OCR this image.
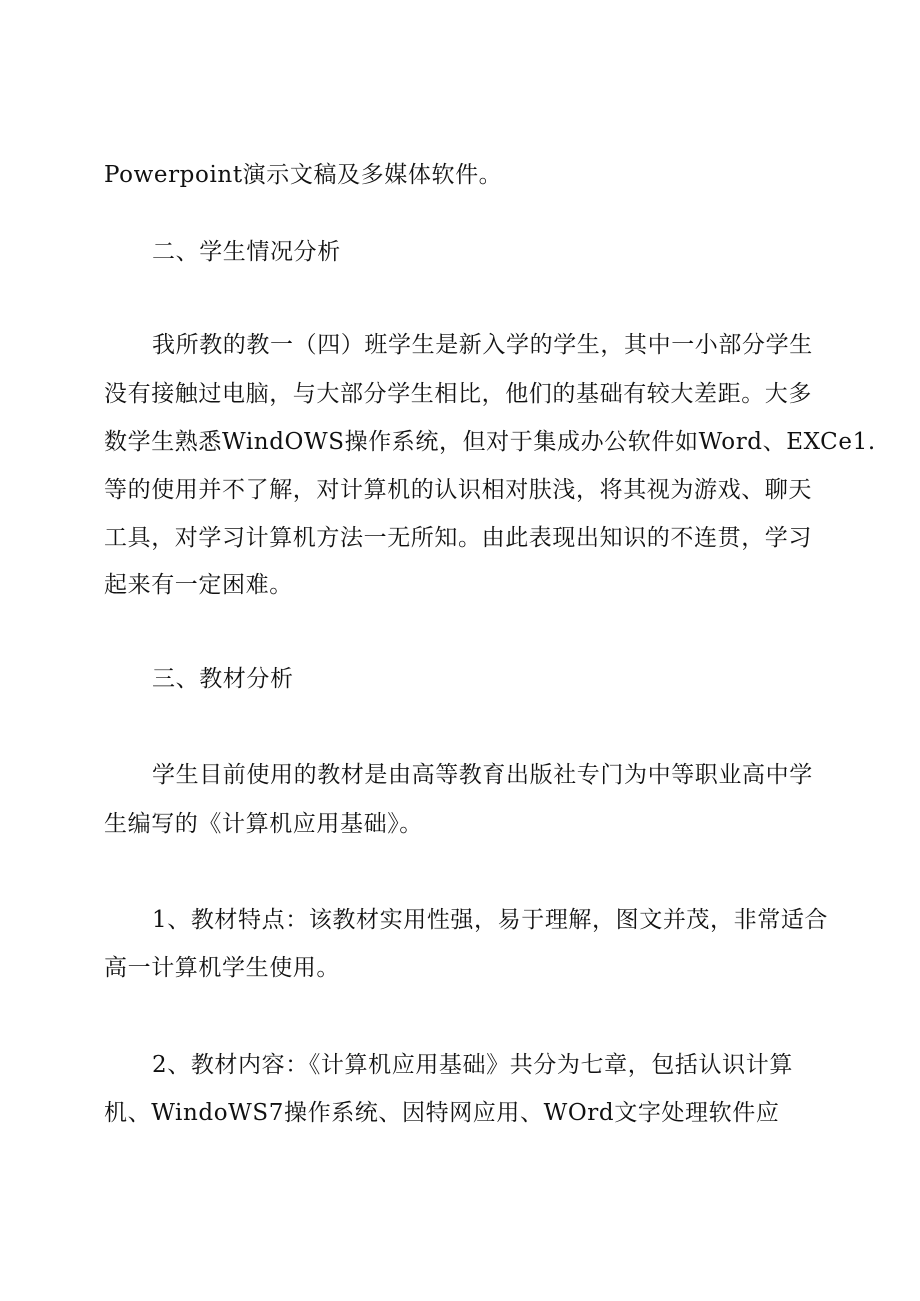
Powerpoint演示文稿及多媒体软件。
二、学生情况分析
我所教的教一（四）班学生是新入学的学生，其中一小部分学生
没有接触过电脑，与大部分学生相比，他们的基础有较大差距。大多
数学生熟悉WindOWS操作系统，但对于集成办公软件如Word、EXCe1.
等的使用并不了解，对计算机的认识相对肤浅，将其视为游戏、聊天
工具，对学习计算机方法一无所知。由此表现出知识的不连贯，学习
起来有一定困难。
三、教材分析
学生目前使用的教材是由高等教育出版社专门为中等职业高中学
生编写的《计算机应用基础》。
1、教材特点：该教材实用性强，易于理解，图文并茂，非常适合
高一计算机学生使用。
2、教材内容：《计算机应用基础》共分为七章，包括认识计算
机、WindoWS7操作系统、因特网应用、WOrd文字处理软件应
